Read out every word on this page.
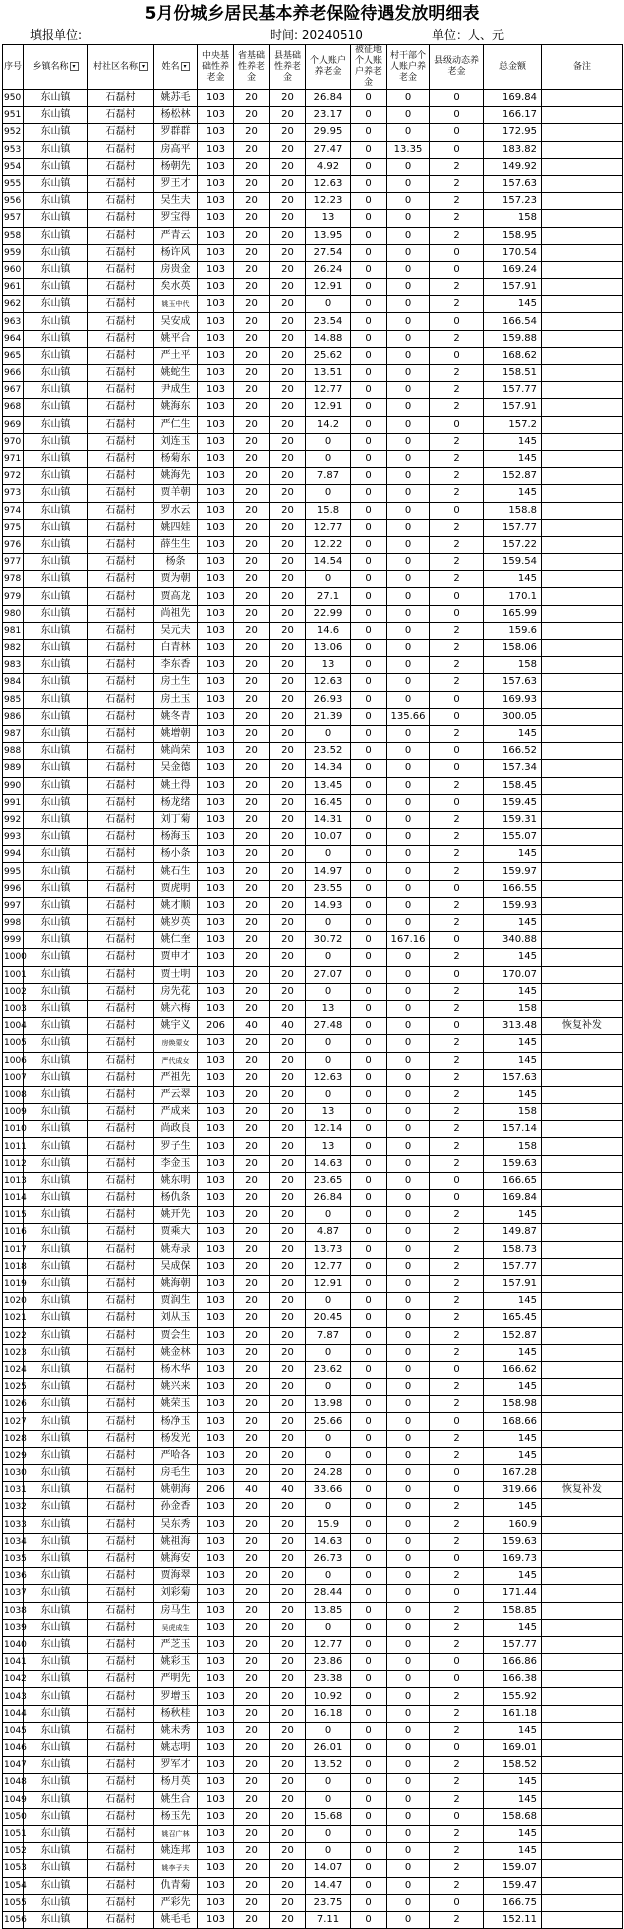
5月份城乡居民基本养老保险待遇发放明细表
填报单位:	时间: 20240510	单位：人、元
序号	乡镇名称 ▾	村社区名称 ▾	姓名 ▾	中央基础性养老金	省基础性养老金	县基础性养老金	个人账户养老金	被征地个人账户养老金	村干部个人账户养老金	县级动态养老金	总金额	备注
950	东山镇	石磊村	姚苏毛	103	20	20	26.84	0	0	0	169.84	
951	东山镇	石磊村	杨松林	103	20	20	23.17	0	0	0	166.17	
952	东山镇	石磊村	罗群群	103	20	20	29.95	0	0	0	172.95	
953	东山镇	石磊村	房高平	103	20	20	27.47	0	13.35	0	183.82	
954	东山镇	石磊村	杨朝先	103	20	20	4.92	0	0	2	149.92	
955	东山镇	石磊村	罗王才	103	20	20	12.63	0	0	2	157.63	
956	东山镇	石磊村	吴生夫	103	20	20	12.23	0	0	2	157.23	
957	东山镇	石磊村	罗宝得	103	20	20	13	0	0	2	158	
958	东山镇	石磊村	严青云	103	20	20	13.95	0	0	2	158.95	
959	东山镇	石磊村	杨许风	103	20	20	27.54	0	0	0	170.54	
960	东山镇	石磊村	房贵金	103	20	20	26.24	0	0	0	169.24	
961	东山镇	石磊村	矣水英	103	20	20	12.91	0	0	2	157.91	
962	东山镇	石磊村	姚玉中代	103	20	20	0	0	0	2	145	
963	东山镇	石磊村	吴安成	103	20	20	23.54	0	0	0	166.54	
964	东山镇	石磊村	姚平合	103	20	20	14.88	0	0	2	159.88	
965	东山镇	石磊村	严土平	103	20	20	25.62	0	0	0	168.62	
966	东山镇	石磊村	姚蛇生	103	20	20	13.51	0	0	2	158.51	
967	东山镇	石磊村	尹成生	103	20	20	12.77	0	0	2	157.77	
968	东山镇	石磊村	姚海东	103	20	20	12.91	0	0	2	157.91	
969	东山镇	石磊村	严仁生	103	20	20	14.2	0	0	0	157.2	
970	东山镇	石磊村	刘连玉	103	20	20	0	0	0	2	145	
971	东山镇	石磊村	杨菊东	103	20	20	0	0	0	2	145	
972	东山镇	石磊村	姚海先	103	20	20	7.87	0	0	2	152.87	
973	东山镇	石磊村	贾羊朝	103	20	20	0	0	0	2	145	
974	东山镇	石磊村	罗水云	103	20	20	15.8	0	0	0	158.8	
975	东山镇	石磊村	姚四娃	103	20	20	12.77	0	0	2	157.77	
976	东山镇	石磊村	薛生生	103	20	20	12.22	0	0	2	157.22	
977	东山镇	石磊村	杨条	103	20	20	14.54	0	0	2	159.54	
978	东山镇	石磊村	贾为朝	103	20	20	0	0	0	2	145	
979	东山镇	石磊村	贾高龙	103	20	20	27.1	0	0	0	170.1	
980	东山镇	石磊村	尚祖先	103	20	20	22.99	0	0	0	165.99	
981	东山镇	石磊村	吴元夫	103	20	20	14.6	0	0	2	159.6	
982	东山镇	石磊村	白青林	103	20	20	13.06	0	0	2	158.06	
983	东山镇	石磊村	李东香	103	20	20	13	0	0	2	158	
984	东山镇	石磊村	房土生	103	20	20	12.63	0	0	2	157.63	
985	东山镇	石磊村	房土玉	103	20	20	26.93	0	0	0	169.93	
986	东山镇	石磊村	姚冬青	103	20	20	21.39	0	135.66	0	300.05	
987	东山镇	石磊村	姚增朝	103	20	20	0	0	0	2	145	
988	东山镇	石磊村	姚尚荣	103	20	20	23.52	0	0	0	166.52	
989	东山镇	石磊村	吴金德	103	20	20	14.34	0	0	0	157.34	
990	东山镇	石磊村	姚土得	103	20	20	13.45	0	0	2	158.45	
991	东山镇	石磊村	杨龙绪	103	20	20	16.45	0	0	0	159.45	
992	东山镇	石磊村	刘丁菊	103	20	20	14.31	0	0	2	159.31	
993	东山镇	石磊村	杨海玉	103	20	20	10.07	0	0	2	155.07	
994	东山镇	石磊村	杨小条	103	20	20	0	0	0	2	145	
995	东山镇	石磊村	姚石生	103	20	20	14.97	0	0	2	159.97	
996	东山镇	石磊村	贾虎明	103	20	20	23.55	0	0	0	166.55	
997	东山镇	石磊村	姚才顺	103	20	20	14.93	0	0	2	159.93	
998	东山镇	石磊村	姚岁英	103	20	20	0	0	0	2	145	
999	东山镇	石磊村	姚仁奎	103	20	20	30.72	0	167.16	0	340.88	
1000	东山镇	石磊村	贾申才	103	20	20	0	0	0	2	145	
1001	东山镇	石磊村	贾士明	103	20	20	27.07	0	0	0	170.07	
1002	东山镇	石磊村	房先花	103	20	20	0	0	0	2	145	
1003	东山镇	石磊村	姚六梅	103	20	20	13	0	0	2	158	
1004	东山镇	石磊村	姚宇义	206	40	40	27.48	0	0	0	313.48	恢复补发
1005	东山镇	石磊村	房焕蒙女	103	20	20	0	0	0	2	145	
1006	东山镇	石磊村	严代成女	103	20	20	0	0	0	2	145	
1007	东山镇	石磊村	严祖先	103	20	20	12.63	0	0	2	157.63	
1008	东山镇	石磊村	严云翠	103	20	20	0	0	0	2	145	
1009	东山镇	石磊村	严成来	103	20	20	13	0	0	2	158	
1010	东山镇	石磊村	尚政良	103	20	20	12.14	0	0	2	157.14	
1011	东山镇	石磊村	罗子生	103	20	20	13	0	0	2	158	
1012	东山镇	石磊村	李金玉	103	20	20	14.63	0	0	2	159.63	
1013	东山镇	石磊村	姚东明	103	20	20	23.65	0	0	0	166.65	
1014	东山镇	石磊村	杨仇条	103	20	20	26.84	0	0	0	169.84	
1015	东山镇	石磊村	姚开先	103	20	20	0	0	0	2	145	
1016	东山镇	石磊村	贾乘大	103	20	20	4.87	0	0	2	149.87	
1017	东山镇	石磊村	姚寿录	103	20	20	13.73	0	0	2	158.73	
1018	东山镇	石磊村	吴成保	103	20	20	12.77	0	0	2	157.77	
1019	东山镇	石磊村	姚海朝	103	20	20	12.91	0	0	2	157.91	
1020	东山镇	石磊村	贾润生	103	20	20	0	0	0	2	145	
1021	东山镇	石磊村	刘从玉	103	20	20	20.45	0	0	2	165.45	
1022	东山镇	石磊村	贾会生	103	20	20	7.87	0	0	2	152.87	
1023	东山镇	石磊村	姚金林	103	20	20	0	0	0	2	145	
1024	东山镇	石磊村	杨木华	103	20	20	23.62	0	0	0	166.62	
1025	东山镇	石磊村	姚兴来	103	20	20	0	0	0	2	145	
1026	东山镇	石磊村	姚荣玉	103	20	20	13.98	0	0	2	158.98	
1027	东山镇	石磊村	杨净玉	103	20	20	25.66	0	0	0	168.66	
1028	东山镇	石磊村	杨发光	103	20	20	0	0	0	2	145	
1029	东山镇	石磊村	严哈各	103	20	20	0	0	0	2	145	
1030	东山镇	石磊村	房毛生	103	20	20	24.28	0	0	0	167.28	
1031	东山镇	石磊村	姚朝海	206	40	40	33.66	0	0	0	319.66	恢复补发
1032	东山镇	石磊村	孙金香	103	20	20	0	0	0	2	145	
1033	东山镇	石磊村	吴东秀	103	20	20	15.9	0	0	2	160.9	
1034	东山镇	石磊村	姚祖海	103	20	20	14.63	0	0	2	159.63	
1035	东山镇	石磊村	姚海安	103	20	20	26.73	0	0	0	169.73	
1036	东山镇	石磊村	贾海翠	103	20	20	0	0	0	2	145	
1037	东山镇	石磊村	刘彩菊	103	20	20	28.44	0	0	0	171.44	
1038	东山镇	石磊村	房马生	103	20	20	13.85	0	0	2	158.85	
1039	东山镇	石磊村	吴虎成生	103	20	20	0	0	0	2	145	
1040	东山镇	石磊村	严芝玉	103	20	20	12.77	0	0	2	157.77	
1041	东山镇	石磊村	姚彩玉	103	20	20	23.86	0	0	0	166.86	
1042	东山镇	石磊村	严明先	103	20	20	23.38	0	0	0	166.38	
1043	东山镇	石磊村	罗增玉	103	20	20	10.92	0	0	2	155.92	
1044	东山镇	石磊村	杨秋桂	103	20	20	16.18	0	0	2	161.18	
1045	东山镇	石磊村	姚未秀	103	20	20	0	0	0	2	145	
1046	东山镇	石磊村	姚志明	103	20	20	26.01	0	0	0	169.01	
1047	东山镇	石磊村	罗军才	103	20	20	13.52	0	0	2	158.52	
1048	东山镇	石磊村	杨月英	103	20	20	0	0	0	2	145	
1049	东山镇	石磊村	姚生合	103	20	20	0	0	0	2	145	
1050	东山镇	石磊村	杨玉先	103	20	20	15.68	0	0	0	158.68	
1051	东山镇	石磊村	姚召广林	103	20	20	0	0	0	2	145	
1052	东山镇	石磊村	姚连邦	103	20	20	0	0	0	2	145	
1053	东山镇	石磊村	姚李子夫	103	20	20	14.07	0	0	2	159.07	
1054	东山镇	石磊村	仇青菊	103	20	20	14.47	0	0	2	159.47	
1055	东山镇	石磊村	严彩先	103	20	20	23.75	0	0	0	166.75	
1056	东山镇	石磊村	姚毛毛	103	20	20	7.11	0	0	2	152.11	
